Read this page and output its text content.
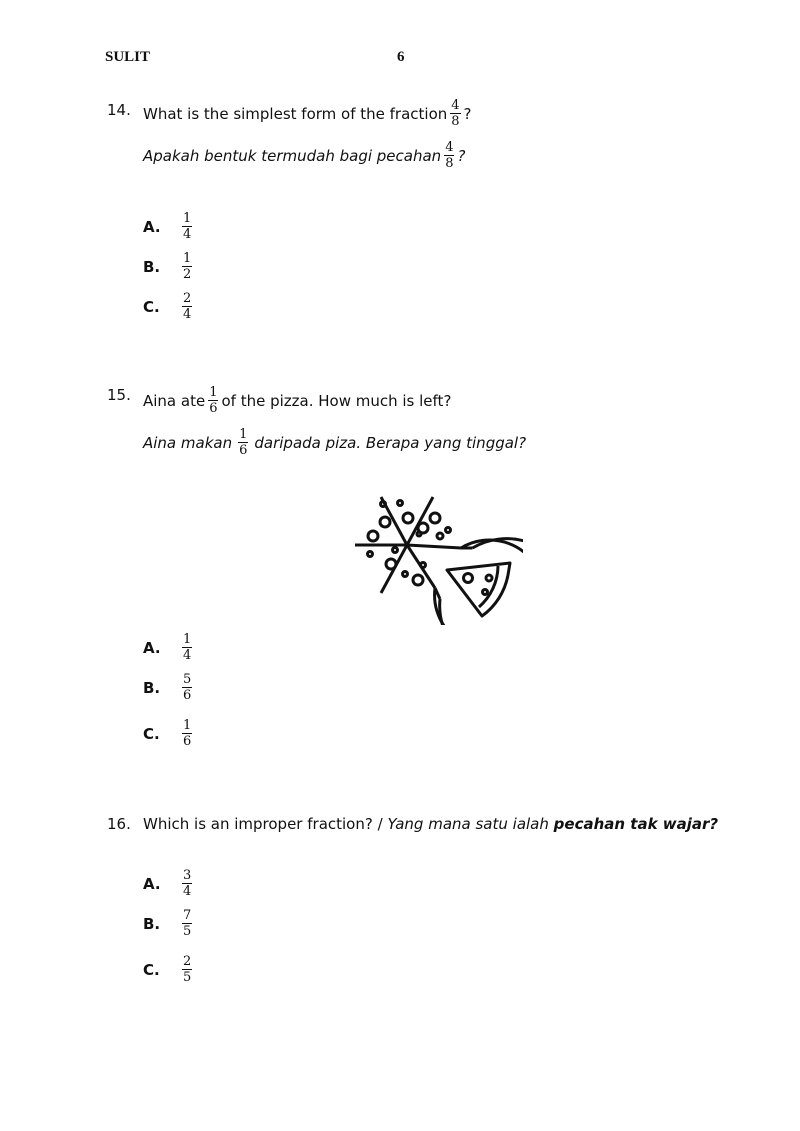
SULIT	6
14. What is the simplest form of the fraction $\frac{4}{8}$ ?
Apakah bentuk termudah bagi pecahan $\frac{4}{8}$ ?
A.	$\frac{1}{4}$
B.	$\frac{1}{2}$
C.	$\frac{2}{4}$
15. Aina ate $\frac{1}{6}$ of the pizza. How much is left?
Aina makan $\frac{1}{6}$ daripada piza. Berapa yang tinggal?
A.	$\frac{1}{4}$
B.	$\frac{5}{6}$
C.	$\frac{1}{6}$
16. Which is an improper fraction? /
Yang mana satu ialah
pecahan tak wajar?
A.	$\frac{3}{4}$
B.	$\frac{7}{5}$
C.	$\frac{2}{5}$
